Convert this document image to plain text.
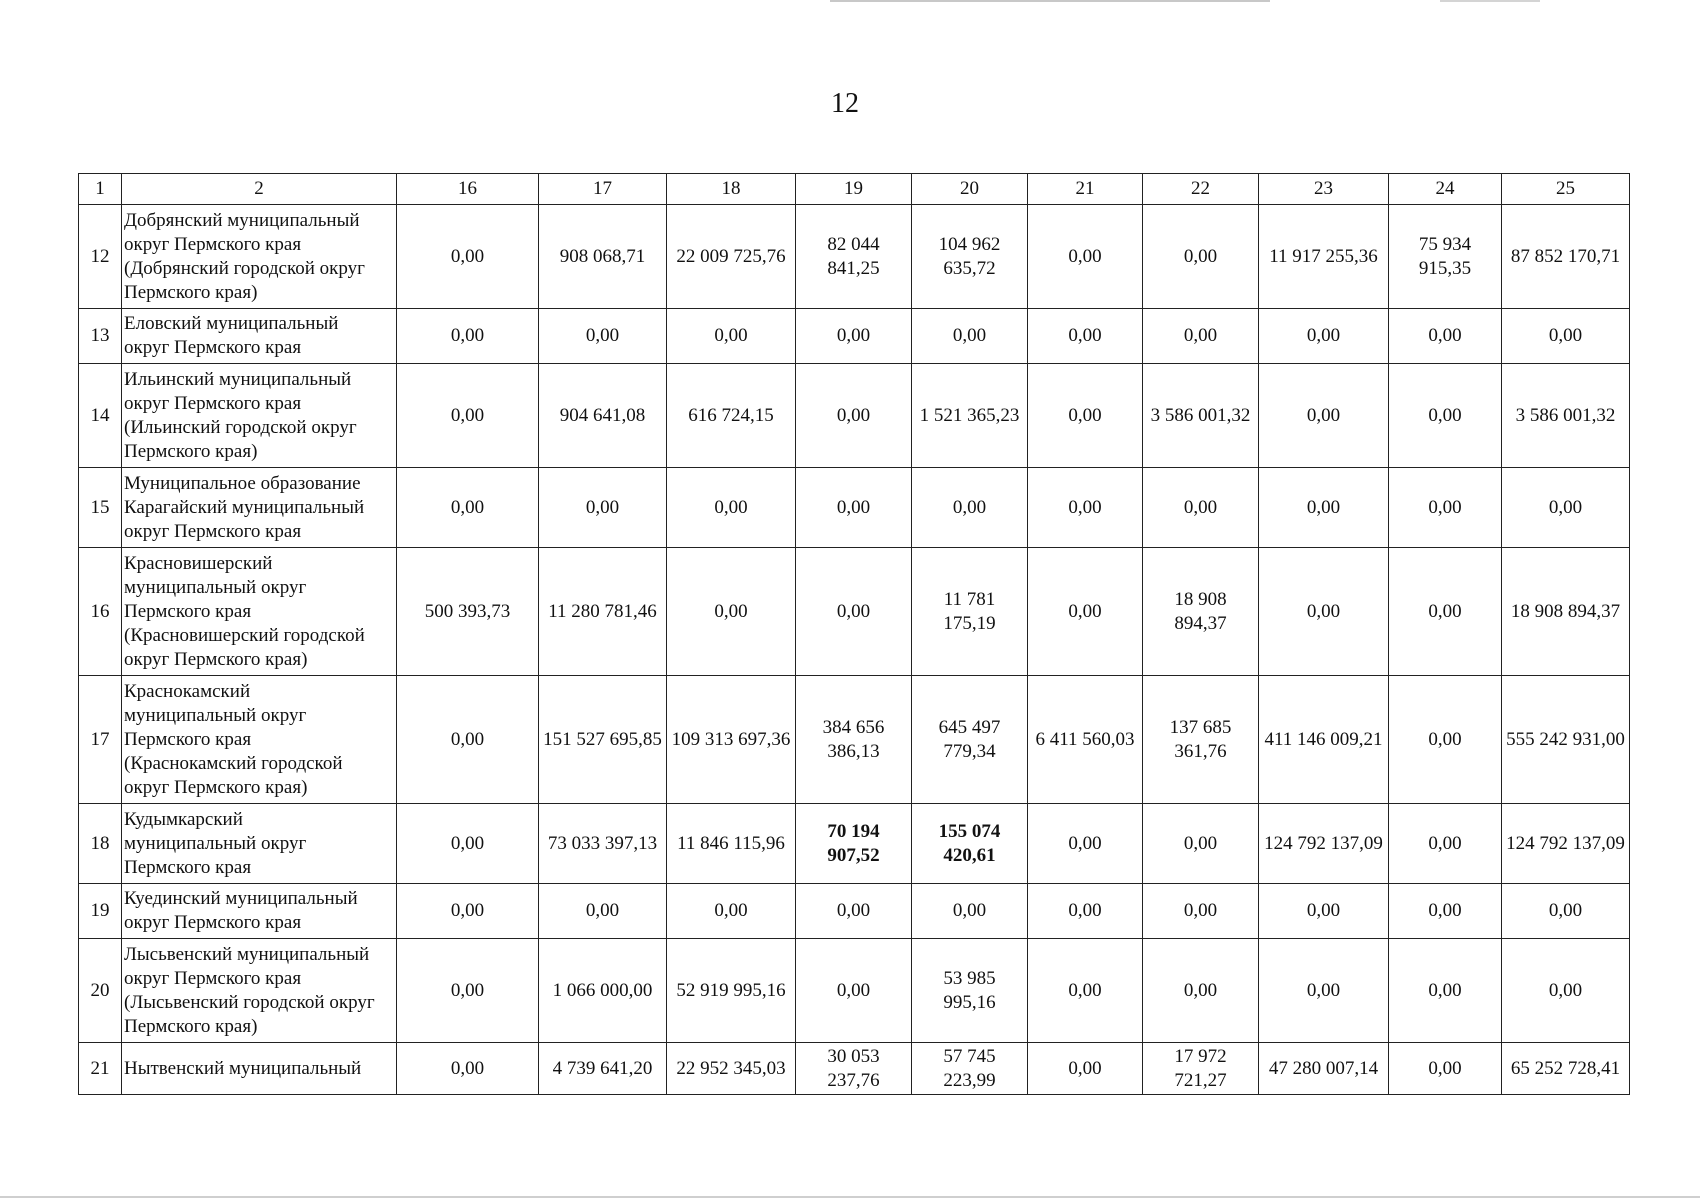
12
1	2	16	17	18	19	20	21	22	23	24	25
12	Добрянский муниципальный
округ Пермского края
(Добрянский городской округ
Пермского края)	0,00	908 068,71	22 009 725,76	82 044
841,25	104 962
635,72	0,00	0,00	11 917 255,36	75 934
915,35	87 852 170,71
13	Еловский муниципальный
округ Пермского края	0,00	0,00	0,00	0,00	0,00	0,00	0,00	0,00	0,00	0,00
14	Ильинский муниципальный
округ Пермского края
(Ильинский городской округ
Пермского края)	0,00	904 641,08	616 724,15	0,00	1 521 365,23	0,00	3 586 001,32	0,00	0,00	3 586 001,32
15	Муниципальное образование
Карагайский муниципальный
округ Пермского края	0,00	0,00	0,00	0,00	0,00	0,00	0,00	0,00	0,00	0,00
16	Красновишерский
муниципальный округ
Пермского края
(Красновишерский городской
округ Пермского края)	500 393,73	11 280 781,46	0,00	0,00	11 781
175,19	0,00	18 908
894,37	0,00	0,00	18 908 894,37
17	Краснокамский
муниципальный округ
Пермского края
(Краснокамский городской
округ Пермского края)	0,00	151 527 695,85	109 313 697,36	384 656
386,13	645 497
779,34	6 411 560,03	137 685
361,76	411 146 009,21	0,00	555 242 931,00
18	Кудымкарский
муниципальный округ
Пермского края	0,00	73 033 397,13	11 846 115,96	70 194
907,52	155 074
420,61	0,00	0,00	124 792 137,09	0,00	124 792 137,09
19	Куединский муниципальный
округ Пермского края	0,00	0,00	0,00	0,00	0,00	0,00	0,00	0,00	0,00	0,00
20	Лысьвенский муниципальный
округ Пермского края
(Лысьвенский городской округ
Пермского края)	0,00	1 066 000,00	52 919 995,16	0,00	53 985
995,16	0,00	0,00	0,00	0,00	0,00
21	Нытвенский муниципальный	0,00	4 739 641,20	22 952 345,03	30 053
237,76	57 745
223,99	0,00	17 972
721,27	47 280 007,14	0,00	65 252 728,41
